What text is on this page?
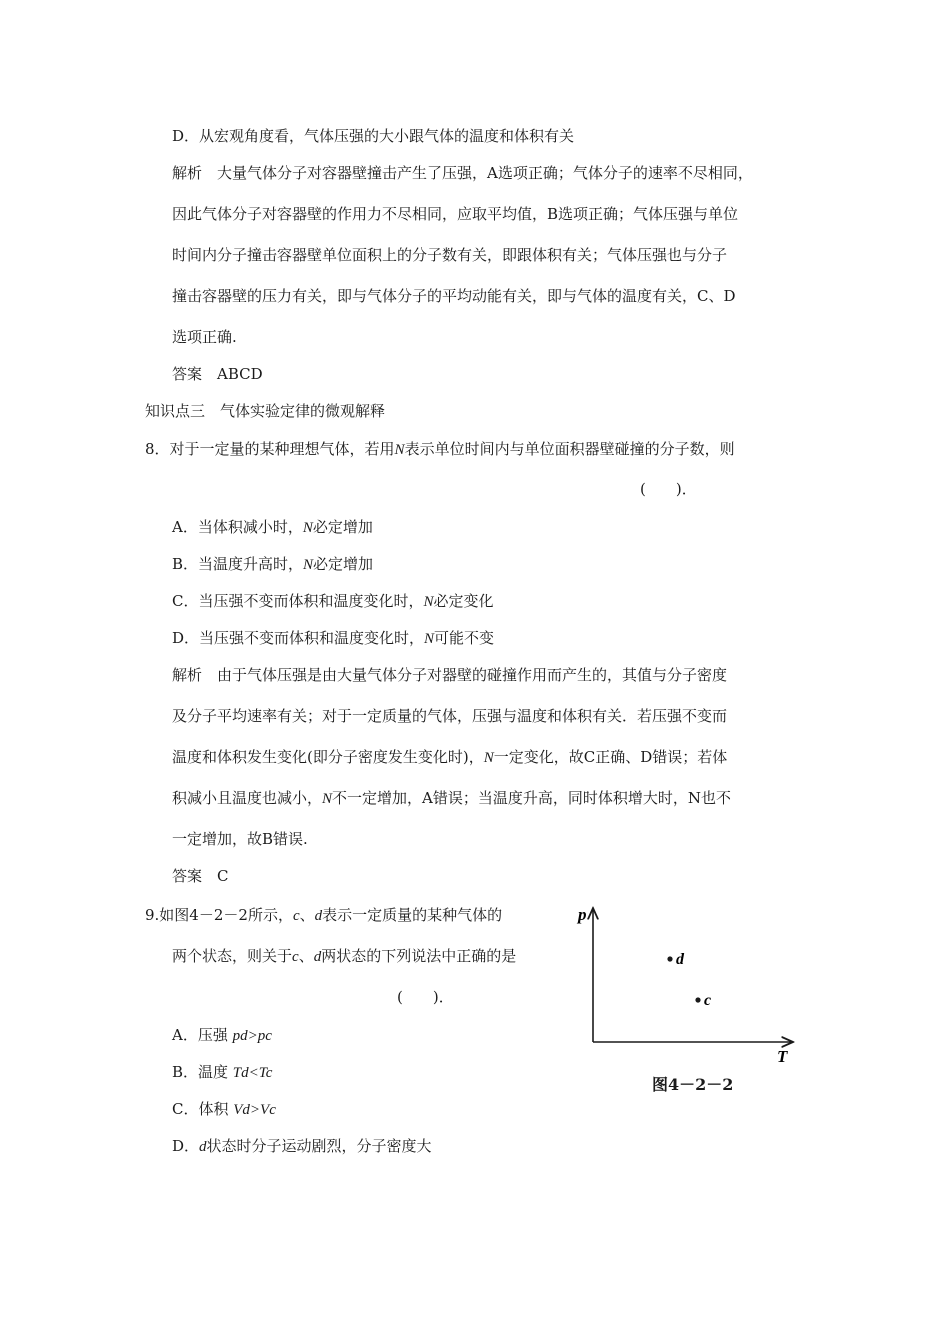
D．从宏观角度看，气体压强的大小跟气体的温度和体积有关
解析　大量气体分子对容器壁撞击产生了压强，A选项正确；气体分子的速率不尽相同，
因此气体分子对容器壁的作用力不尽相同，应取平均值，B选项正确；气体压强与单位
时间内分子撞击容器壁单位面积上的分子数有关，即跟体积有关；气体压强也与分子
撞击容器壁的压力有关，即与气体分子的平均动能有关，即与气体的温度有关，C、D
选项正确.
答案　ABCD
知识点三　气体实验定律的微观解释
8．对于一定量的某种理想气体，若用N表示单位时间内与单位面积器壁碰撞的分子数，则
(　　)．
A．当体积减小时，N必定增加
B．当温度升高时，N必定增加
C．当压强不变而体积和温度变化时，N必定变化
D．当压强不变而体积和温度变化时，N可能不变
解析　由于气体压强是由大量气体分子对器壁的碰撞作用而产生的，其值与分子密度
及分子平均速率有关；对于一定质量的气体，压强与温度和体积有关．若压强不变而
温度和体积发生变化(即分子密度发生变化时)，N一定变化，故C正确、D错误；若体
积减小且温度也减小，N不一定增加，A错误；当温度升高，同时体积增大时，N也不
一定增加，故B错误.
答案　C
9.如图4－2－2所示，c、d表示一定质量的某种气体的
两个状态，则关于c、d两状态的下列说法中正确的是
(　　)．
A．压强 pd>pc
B．温度 Td<Tc
C．体积 Vd>Vc
D．d状态时分子运动剧烈，分子密度大
p
T
d
c
图4－2－2
